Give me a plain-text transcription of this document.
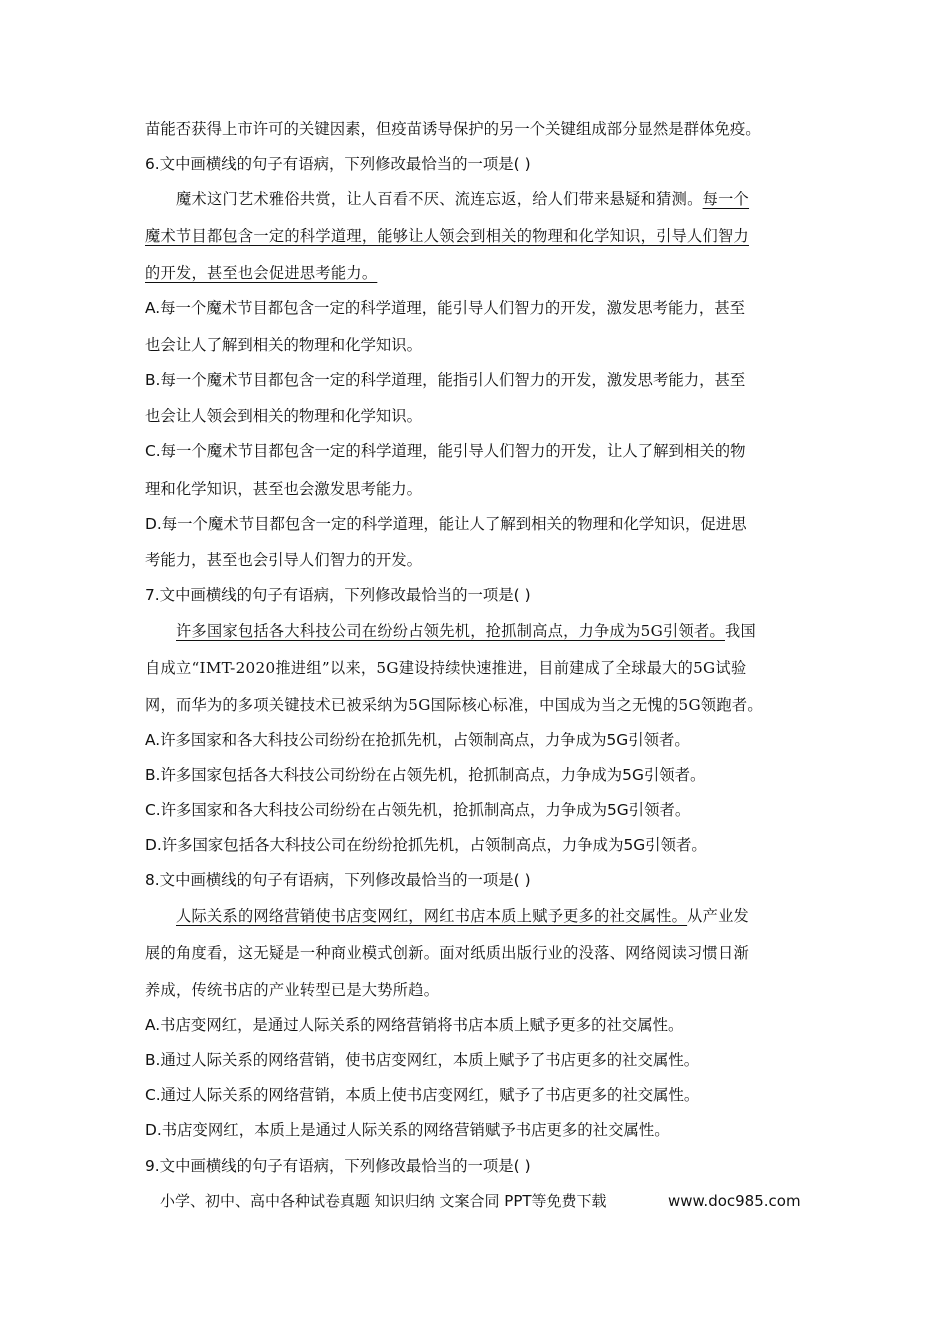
苗能否获得上市许可的关键因素，但疫苗诱导保护的另一个关键组成部分显然是群体免疫。
6.文中画横线的句子有语病，下列修改最恰当的一项是( )
魔术这门艺术雅俗共赏，让人百看不厌、流连忘返，给人们带来悬疑和猜测。每一个
魔术节目都包含一定的科学道理，能够让人领会到相关的物理和化学知识，引导人们智力
的开发，甚至也会促进思考能力。
A.每一个魔术节目都包含一定的科学道理，能引导人们智力的开发，激发思考能力，甚至
也会让人了解到相关的物理和化学知识。
B.每一个魔术节目都包含一定的科学道理，能指引人们智力的开发，激发思考能力，甚至
也会让人领会到相关的物理和化学知识。
C.每一个魔术节目都包含一定的科学道理，能引导人们智力的开发，让人了解到相关的物
理和化学知识，甚至也会激发思考能力。
D.每一个魔术节目都包含一定的科学道理，能让人了解到相关的物理和化学知识，促进思
考能力，甚至也会引导人们智力的开发。
7.文中画横线的句子有语病，下列修改最恰当的一项是( )
许多国家包括各大科技公司在纷纷占领先机，抢抓制高点，力争成为5G引领者。我国
自成立“IMT-2020推进组”以来，5G建设持续快速推进，目前建成了全球最大的5G试验
网，而华为的多项关键技术已被采纳为5G国际核心标准，中国成为当之无愧的5G领跑者。
A.许多国家和各大科技公司纷纷在抢抓先机，占领制高点，力争成为5G引领者。
B.许多国家包括各大科技公司纷纷在占领先机，抢抓制高点，力争成为5G引领者。
C.许多国家和各大科技公司纷纷在占领先机，抢抓制高点，力争成为5G引领者。
D.许多国家包括各大科技公司在纷纷抢抓先机，占领制高点，力争成为5G引领者。
8.文中画横线的句子有语病，下列修改最恰当的一项是( )
人际关系的网络营销使书店变网红，网红书店本质上赋予更多的社交属性。从产业发
展的角度看，这无疑是一种商业模式创新。面对纸质出版行业的没落、网络阅读习惯日渐
养成，传统书店的产业转型已是大势所趋。
A.书店变网红，是通过人际关系的网络营销将书店本质上赋予更多的社交属性。
B.通过人际关系的网络营销，使书店变网红，本质上赋予了书店更多的社交属性。
C.通过人际关系的网络营销，本质上使书店变网红，赋予了书店更多的社交属性。
D.书店变网红，本质上是通过人际关系的网络营销赋予书店更多的社交属性。
9.文中画横线的句子有语病，下列修改最恰当的一项是( )
小学、初中、高中各种试卷真题 知识归纳 文案合同 PPT等免费下载	www.doc985.com
